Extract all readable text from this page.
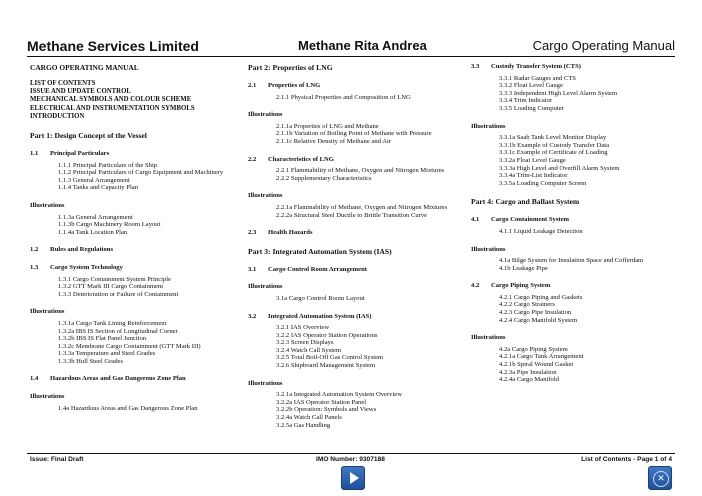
Methane Services Limited	Methane Rita Andrea	Cargo Operating Manual
CARGO OPERATING MANUAL
LIST OF CONTENTS
ISSUE AND UPDATE CONTROL
MECHANICAL SYMBOLS AND COLOUR SCHEME
ELECTRICAL AND INSTRUMENTATION SYMBOLS
INTRODUCTION
Part 1: Design Concept of the Vessel
1.1	Principal Particulars
1.1.1 Principal Particulars of the Ship
1.1.2 Principal Particulars of Cargo Equipment and Machinery
1.1.3 General Arrangement
1.1.4 Tanks and Capacity Plan
Illustrations
1.1.3a General Arrangement
1.1.3b Cargo Machinery Room Layout
1.1.4a Tank Location Plan
1.2	Rules and Regulations
1.3	Cargo System Technology
1.3.1 Cargo Containment System Principle
1.3.2 GTT Mark III Cargo Containment
1.3.3 Deterioration or Failure of Containment
Illustrations
1.3.1a Cargo Tank Lining Reinforcement
1.3.2a IBS IS Section of Longitudinal Corner
1.3.2b IBS IS Flat Panel Junction
1.3.2c Membrane Cargo Containment (GTT Mark III)
1.3.3a Temperature and Steel Grades
1.3.3b Hull Steel Grades
1.4	Hazardous Areas and Gas Dangerous Zone Plan
Illustrations
1.4a Hazardous Areas and Gas Dangerous Zone Plan
Part 2: Properties of LNG
2.1	Properties of LNG
2.1.1 Physical Properties and Composition of LNG
Illustrations
2.1.1a Properties of LNG and Methane
2.1.1b Variation of Boiling Point of Methane with Pressure
2.1.1c Relative Density of Methane and Air
2.2	Characteristics of LNG
2.2.1 Flammability of Methane, Oxygen and Nitrogen Mixtures
2.2.2 Supplementary Characteristics
Illustrations
2.2.1a Flammability of Methane, Oxygen and Nitrogen Mixtures
2.2.2a Structural Steel Ductile to Brittle Transition Curve
2.3	Health Hazards
Part 3: Integrated Automation System (IAS)
3.1	Cargo Control Room Arrangement
Illustrations
3.1a Cargo Control Room Layout
3.2	Integrated Automation System (IAS)
3.2.1 IAS Overview
3.2.2 IAS Operator Station Operations
3.2.3 Screen Displays
3.2.4 Watch Call System
3.2.5 Total Boil-Off Gas Control System
3.2.6 Shipboard Management System
Illustrations
3.2.1a Integrated Automation System Overview
3.2.2a IAS Operator Station Panel
3.2.2b Operation: Symbols and Views
3.2.4a Watch Call Panels
3.2.5a Gas Handling
3.3	Custody Transfer System (CTS)
3.3.1 Radar Gauges and CTS
3.3.2 Float Level Gauge
3.3.3 Independent High Level Alarm System
3.3.4 Trim Indicator
3.3.5 Loading Computer
Illustrations
3.3.1a Saab Tank Level Monitor Display
3.3.1b Example of Custody Transfer Data
3.3.1c Example of Certificate of Loading
3.3.2a Float Level Gauge
3.3.3a High Level and Overfill Alarm System
3.3.4a Trim-List Indicator
3.3.5a Loading Computer Screen
Part 4: Cargo and Ballast System
4.1	Cargo Containment System
4.1.1 Liquid Leakage Detection
Illustrations
4.1a Bilge System for Insulation Space and Cofferdam
4.1b Leakage Pipe
4.2	Cargo Piping System
4.2.1 Cargo Piping and Gaskets
4.2.2 Cargo Strainers
4.2.3 Cargo Pipe Insulation
4.2.4 Cargo Manifold System
Illustrations
4.2a Cargo Piping System
4.2.1a Cargo Tank Arrangement
4.2.1b Spiral Wound Gasket
4.2.3a Pipe Insulation
4.2.4a Cargo Manifold
Issue: Final Draft	IMO Number: 9307188	List of Contents - Page 1 of 4
✕
